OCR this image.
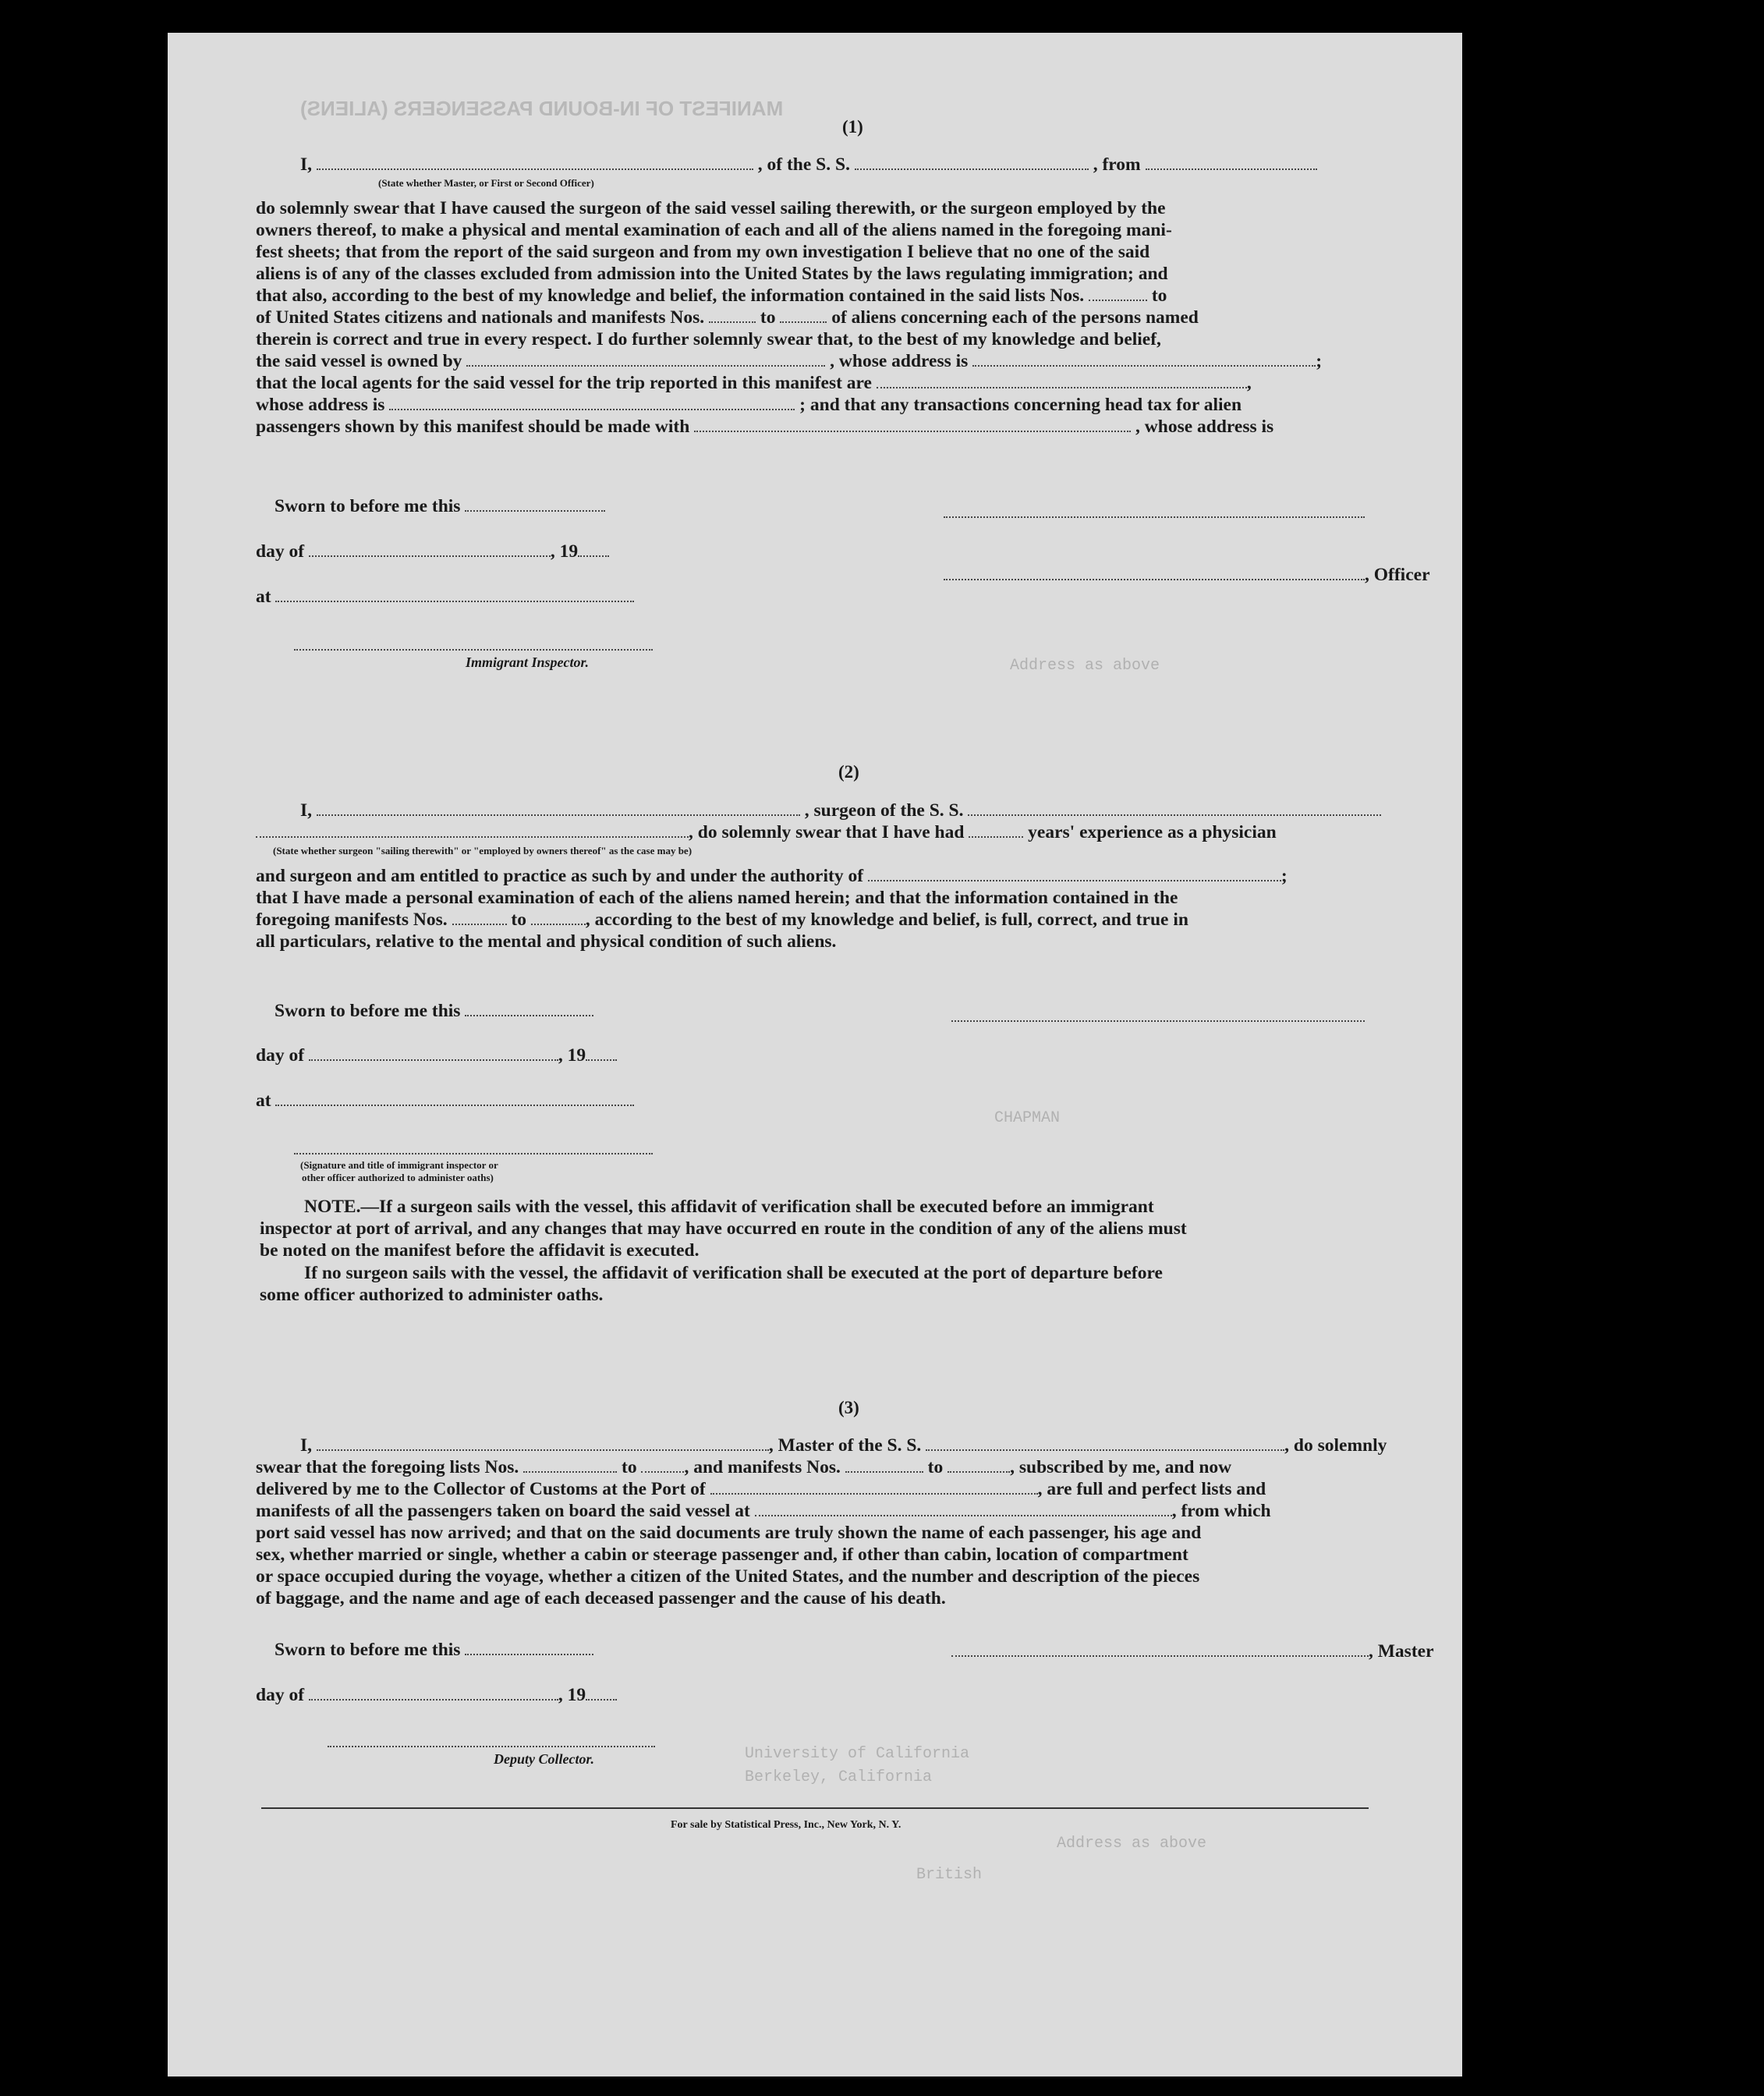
MANIFEST OF IN-BOUND PASSENGERS (ALIENS)
Address as above
CHAPMAN
University of California
Berkeley, California
British
Address as above
(1)
I,	, of the S. S.	, from
(State whether Master, or First or Second Officer)
do solemnly swear that I have caused the surgeon of the said vessel sailing therewith, or the surgeon employed by the
owners thereof, to make a physical and mental examination of each and all of the aliens named in the foregoing mani-
fest sheets; that from the report of the said surgeon and from my own investigation I believe that no one of the said
aliens is of any of the classes excluded from admission into the United States by the laws regulating immigration; and
that also, according to the best of my knowledge and belief, the information contained in the said lists Nos.	to
of United States citizens and nationals and manifests Nos.	to	of aliens concerning each of the persons named
therein is correct and true in every respect. I do further solemnly swear that, to the best of my knowledge and belief,
the said vessel is owned by	, whose address is	;
that the local agents for the said vessel for the trip reported in this manifest are	,
whose address is	; and that any transactions concerning head tax for alien
passengers shown by this manifest should be made with	, whose address is
Sworn to before me this
day of	, 19
, Officer
at
Immigrant Inspector.
(2)
I,	, surgeon of the S. S.
, do solemnly swear that I have had	years' experience as a physician
(State whether surgeon "sailing therewith" or "employed by owners thereof" as the case may be)
and surgeon and am entitled to practice as such by and under the authority of	;
that I have made a personal examination of each of the aliens named herein; and that the information contained in the
foregoing manifests Nos.	to	, according to the best of my knowledge and belief, is full, correct, and true in
all particulars, relative to the mental and physical condition of such aliens.
Sworn to before me this
day of	, 19
at
(Signature and title of immigrant inspector or
other officer authorized to administer oaths)
NOTE.—If a surgeon sails with the vessel, this affidavit of verification shall be executed before an immigrant
inspector at port of arrival, and any changes that may have occurred en route in the condition of any of the aliens must
be noted on the manifest before the affidavit is executed.
If no surgeon sails with the vessel, the affidavit of verification shall be executed at the port of departure before
some officer authorized to administer oaths.
(3)
I,	, Master of the S. S.	, do solemnly
swear that the foregoing lists Nos.	to	, and manifests Nos.	to	, subscribed by me, and now
delivered by me to the Collector of Customs at the Port of	, are full and perfect lists and
manifests of all the passengers taken on board the said vessel at	, from which
port said vessel has now arrived; and that on the said documents are truly shown the name of each passenger, his age and
sex, whether married or single, whether a cabin or steerage passenger and, if other than cabin, location of compartment
or space occupied during the voyage, whether a citizen of the United States, and the number and description of the pieces
of baggage, and the name and age of each deceased passenger and the cause of his death.
Sworn to before me this	, Master
day of	, 19
Deputy Collector.
For sale by Statistical Press, Inc., New York, N. Y.
